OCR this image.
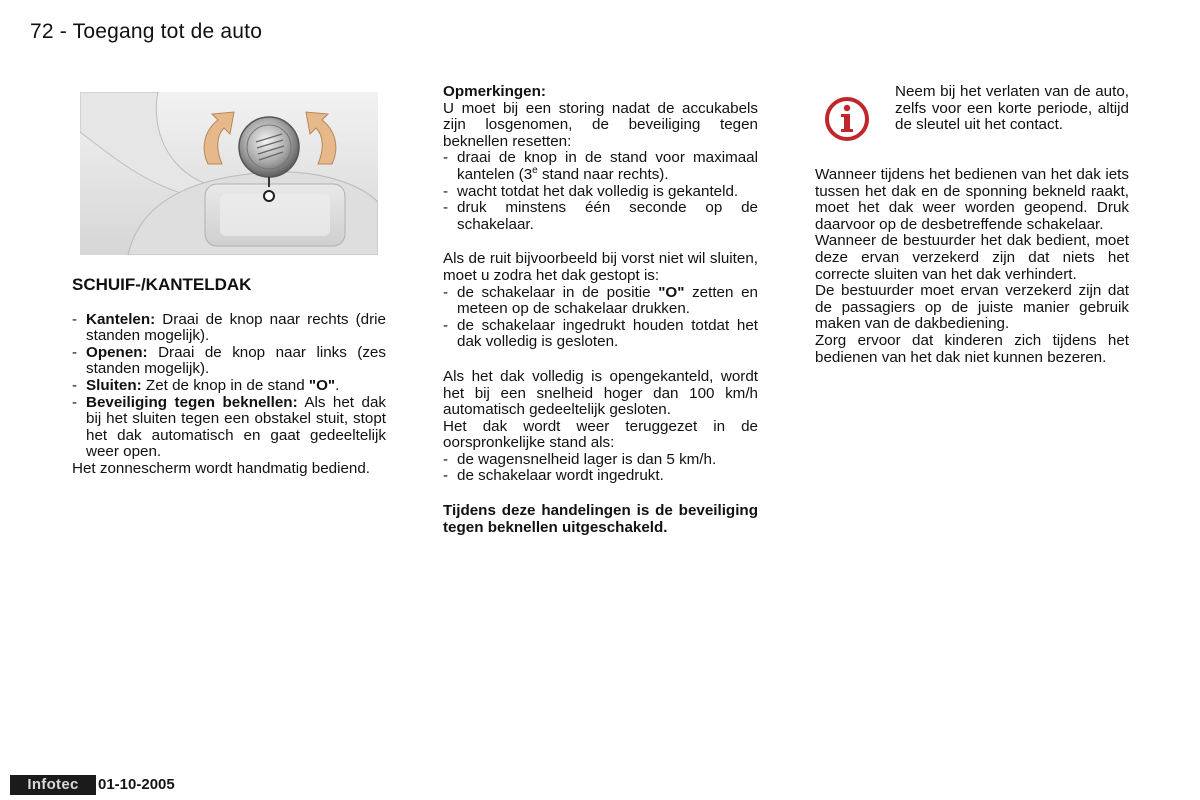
72 - Toegang tot de auto

SCHUIF-/KANTELDAK

- Kantelen: Draai de knop naar rechts (drie standen mogelijk).

- Openen: Draai de knop naar links (zes standen mogelijk).

- Sluiten: Zet de knop in de stand "O".

- Beveiliging tegen beknellen: Als het dak bij het sluiten tegen een obstakel stuit, stopt het dak automatisch en gaat gedeeltelijk weer open.

Het zonnescherm wordt handmatig bediend.

Opmerkingen:

U moet bij een storing nadat de accukabels zijn losgenomen, de beveiliging tegen beknellen resetten:

- draai de knop in de stand voor maximaal kantelen (3e stand naar rechts).

- wacht totdat het dak volledig is gekanteld.

- druk minstens één seconde op de schakelaar.

Als de ruit bijvoorbeeld bij vorst niet wil sluiten, moet u zodra het dak gestopt is:

- de schakelaar in de positie "O" zetten en meteen op de schakelaar drukken.

- de schakelaar ingedrukt houden totdat het dak volledig is gesloten.

Als het dak volledig is opengekanteld, wordt het bij een snelheid hoger dan 100 km/h automatisch gedeeltelijk gesloten.

Het dak wordt weer teruggezet in de oorspronkelijke stand als:

- de wagensnelheid lager is dan 5 km/h.

- de schakelaar wordt ingedrukt.

Tijdens deze handelingen is de beveiliging tegen beknellen uitgeschakeld.

Neem bij het verlaten van de auto, zelfs voor een korte periode, altijd de sleutel uit het contact.

Wanneer tijdens het bedienen van het dak iets tussen het dak en de sponning bekneld raakt, moet het dak weer worden geopend. Druk daarvoor op de desbetreffende schakelaar.

Wanneer de bestuurder het dak bedient, moet deze ervan verzekerd zijn dat niets het correcte sluiten van het dak verhindert.

De bestuurder moet ervan verzekerd zijn dat de passagiers op de juiste manier gebruik maken van de dakbediening.

Zorg ervoor dat kinderen zich tijdens het bedienen van het dak niet kunnen bezeren.

Infotec	01-10-2005
